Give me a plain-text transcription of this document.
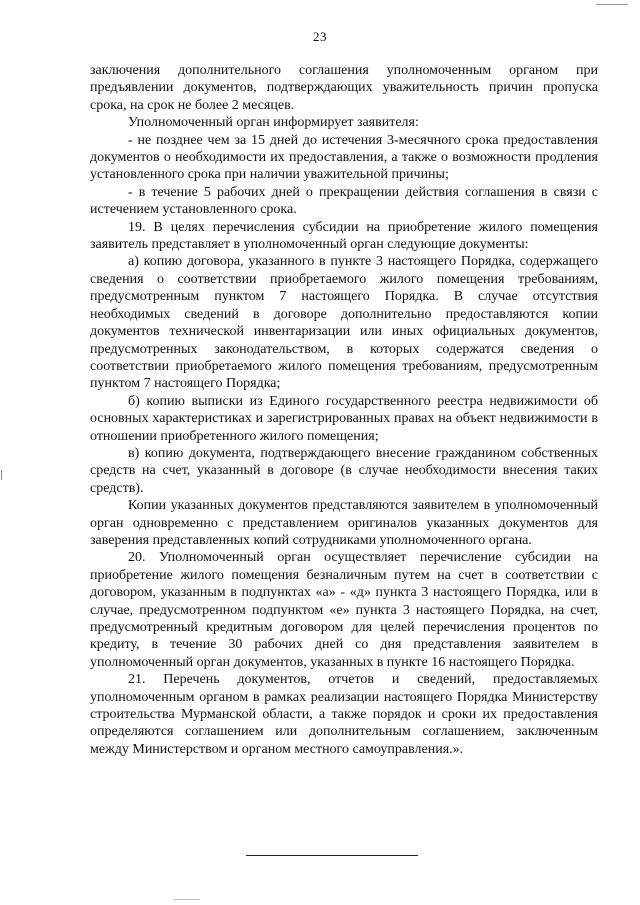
23

заключения дополнительного соглашения уполномоченным органом при предъявлении документов, подтверждающих уважительность причин пропуска срока, на срок не более 2 месяцев.

Уполномоченный орган информирует заявителя:

- не позднее чем за 15 дней до истечения 3-месячного срока предоставления документов о необходимости их предоставления, а также о возможности продления установленного срока при наличии уважительной причины;

- в течение 5 рабочих дней о прекращении действия соглашения в связи с истечением установленного срока.

19. В целях перечисления субсидии на приобретение жилого помещения заявитель представляет в уполномоченный орган следующие документы:

а) копию договора, указанного в пункте 3 настоящего Порядка, содержащего сведения о соответствии приобретаемого жилого помещения требованиям, предусмотренным пунктом 7 настоящего Порядка. В случае отсутствия необходимых сведений в договоре дополнительно предоставляются копии документов технической инвентаризации или иных официальных документов, предусмотренных законодательством, в которых содержатся сведения о соответствии приобретаемого жилого помещения требованиям, предусмотренным пунктом 7 настоящего Порядка;

б) копию выписки из Единого государственного реестра недвижимости об основных характеристиках и зарегистрированных правах на объект недвижимости в отношении приобретенного жилого помещения;

в) копию документа, подтверждающего внесение гражданином собственных средств на счет, указанный в договоре (в случае необходимости внесения таких средств).

Копии указанных документов представляются заявителем в уполномоченный орган одновременно с представлением оригиналов указанных документов для заверения представленных копий сотрудниками уполномоченного органа.

20. Уполномоченный орган осуществляет перечисление субсидии на приобретение жилого помещения безналичным путем на счет в соответствии с договором, указанным в подпунктах «а» - «д» пункта 3 настоящего Порядка, или в случае, предусмотренном подпунктом «е» пункта 3 настоящего Порядка, на счет, предусмотренный кредитным договором для целей перечисления процентов по кредиту, в течение 30 рабочих дней со дня представления заявителем в уполномоченный орган документов, указанных в пункте 16 настоящего Порядка.

21. Перечень документов, отчетов и сведений, предоставляемых уполномоченным органом в рамках реализации настоящего Порядка Министерству строительства Мурманской области, а также порядок и сроки их предоставления определяются соглашением или дополнительным соглашением, заключенным между Министерством и органом местного самоуправления.».
